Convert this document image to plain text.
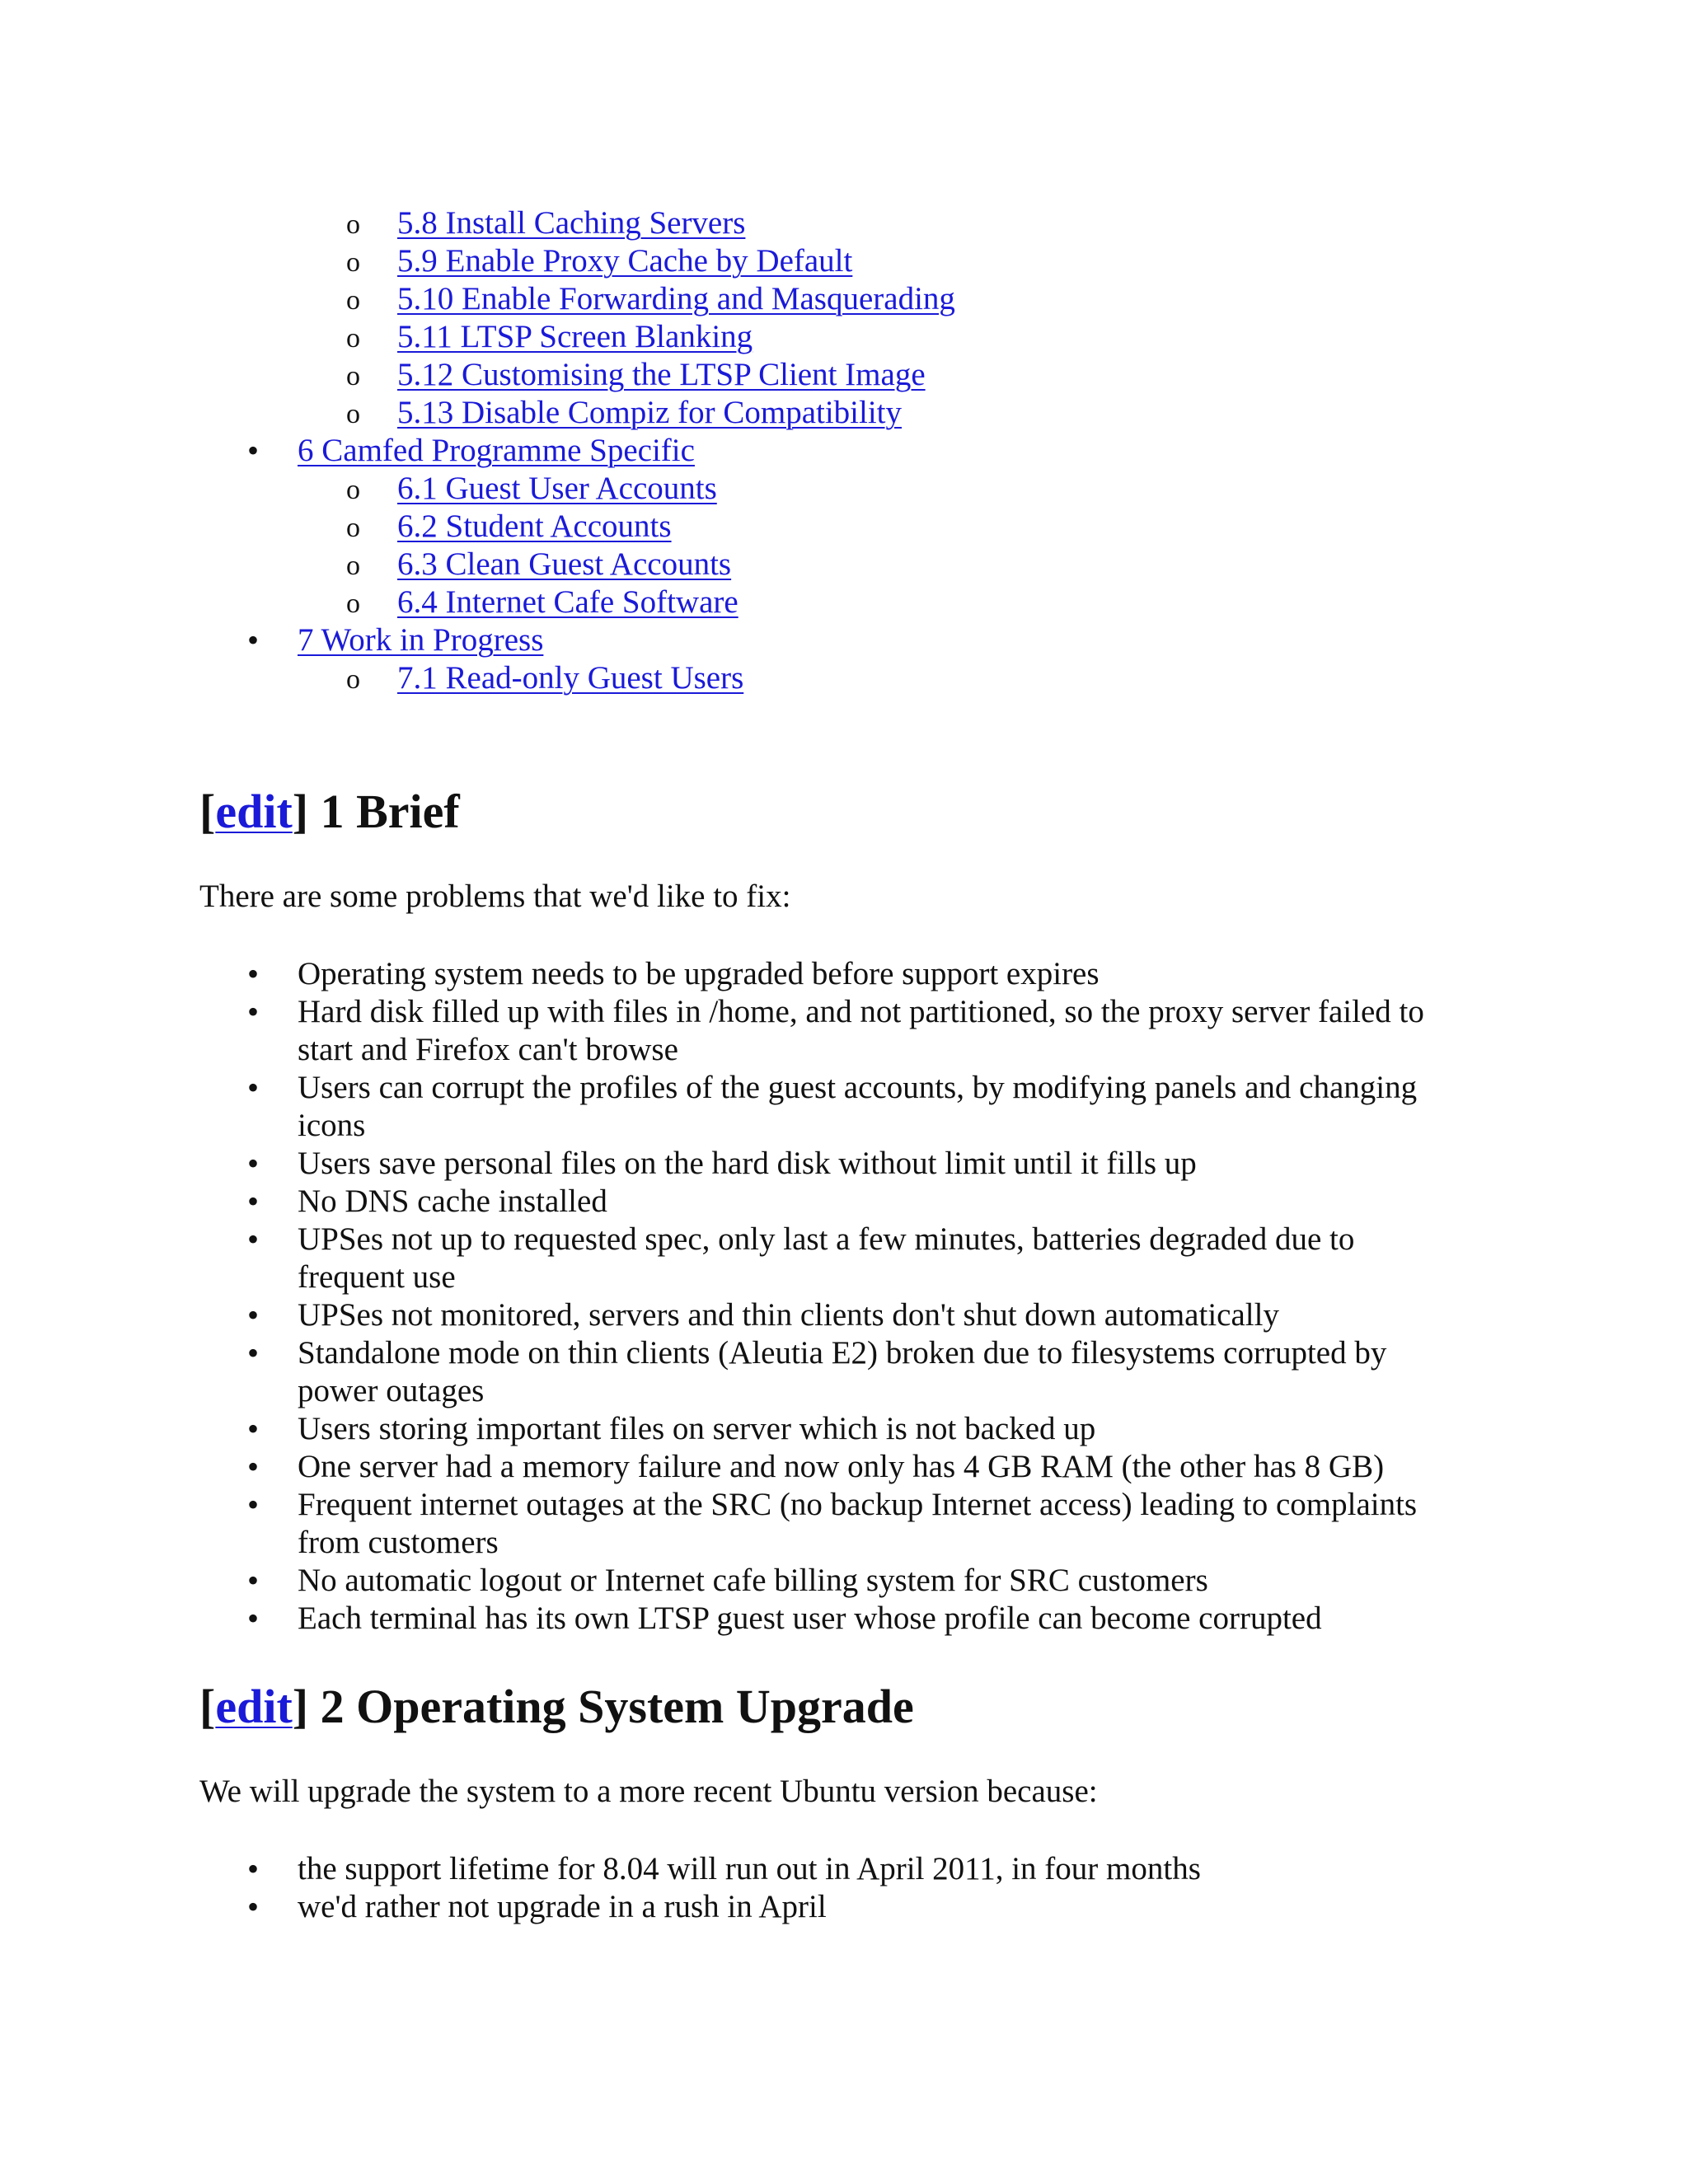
o 5.8 Install Caching Servers
o 5.9 Enable Proxy Cache by Default
o 5.10 Enable Forwarding and Masquerading
o 5.11 LTSP Screen Blanking
o 5.12 Customising the LTSP Client Image
o 5.13 Disable Compiz for Compatibility
• 6 Camfed Programme Specific
o 6.1 Guest User Accounts
o 6.2 Student Accounts
o 6.3 Clean Guest Accounts
o 6.4 Internet Cafe Software
• 7 Work in Progress
o 7.1 Read-only Guest Users
[edit] 1 Brief
There are some problems that we'd like to fix:
• Operating system needs to be upgraded before support expires
• Hard disk filled up with files in /home, and not partitioned, so the proxy server failed to start and Firefox can't browse
• Users can corrupt the profiles of the guest accounts, by modifying panels and changing icons
• Users save personal files on the hard disk without limit until it fills up
• No DNS cache installed
• UPSes not up to requested spec, only last a few minutes, batteries degraded due to frequent use
• UPSes not monitored, servers and thin clients don't shut down automatically
• Standalone mode on thin clients (Aleutia E2) broken due to filesystems corrupted by power outages
• Users storing important files on server which is not backed up
• One server had a memory failure and now only has 4 GB RAM (the other has 8 GB)
• Frequent internet outages at the SRC (no backup Internet access) leading to complaints from customers
• No automatic logout or Internet cafe billing system for SRC customers
• Each terminal has its own LTSP guest user whose profile can become corrupted
[edit] 2 Operating System Upgrade
We will upgrade the system to a more recent Ubuntu version because:
• the support lifetime for 8.04 will run out in April 2011, in four months
• we'd rather not upgrade in a rush in April
